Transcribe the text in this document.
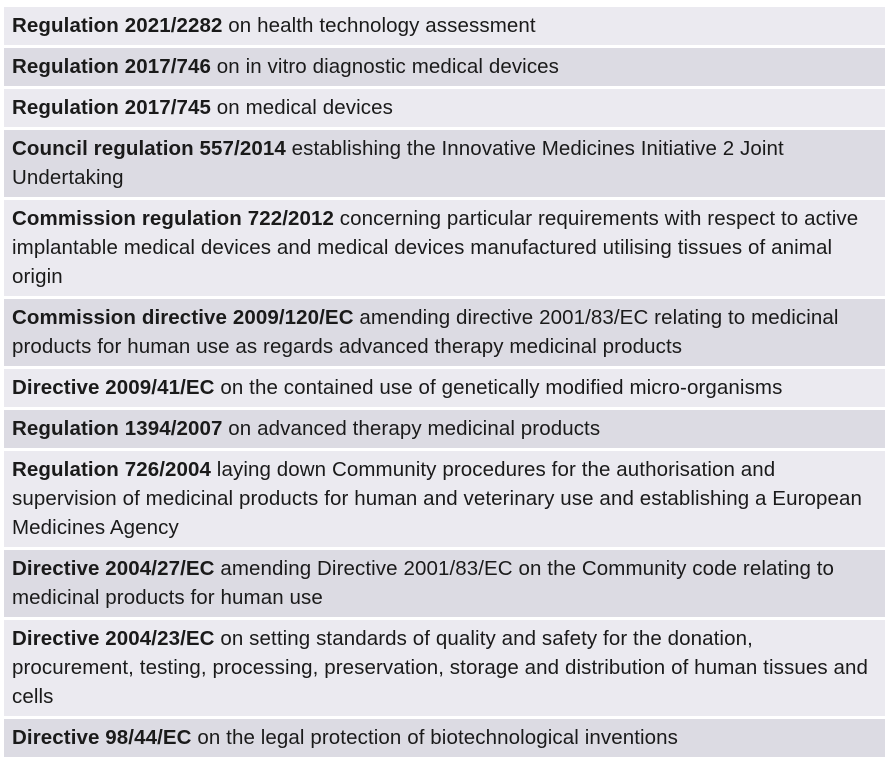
Regulation 2021/2282 on health technology assessment
Regulation 2017/746 on in vitro diagnostic medical devices
Regulation 2017/745 on medical devices
Council regulation 557/2014 establishing the Innovative Medicines Initiative 2 Joint Undertaking
Commission regulation 722/2012 concerning particular requirements with respect to active implantable medical devices and medical devices manufactured utilising tissues of animal origin
Commission directive 2009/120/EC amending directive 2001/83/EC relating to medicinal products for human use as regards advanced therapy medicinal products
Directive 2009/41/EC on the contained use of genetically modified micro-organisms
Regulation 1394/2007 on advanced therapy medicinal products
Regulation 726/2004 laying down Community procedures for the authorisation and supervision of medicinal products for human and veterinary use and establishing a European Medicines Agency
Directive 2004/27/EC amending Directive 2001/83/EC on the Community code relating to medicinal products for human use
Directive 2004/23/EC on setting standards of quality and safety for the donation, procurement, testing, processing, preservation, storage and distribution of human tissues and cells
Directive 98/44/EC on the legal protection of biotechnological inventions
